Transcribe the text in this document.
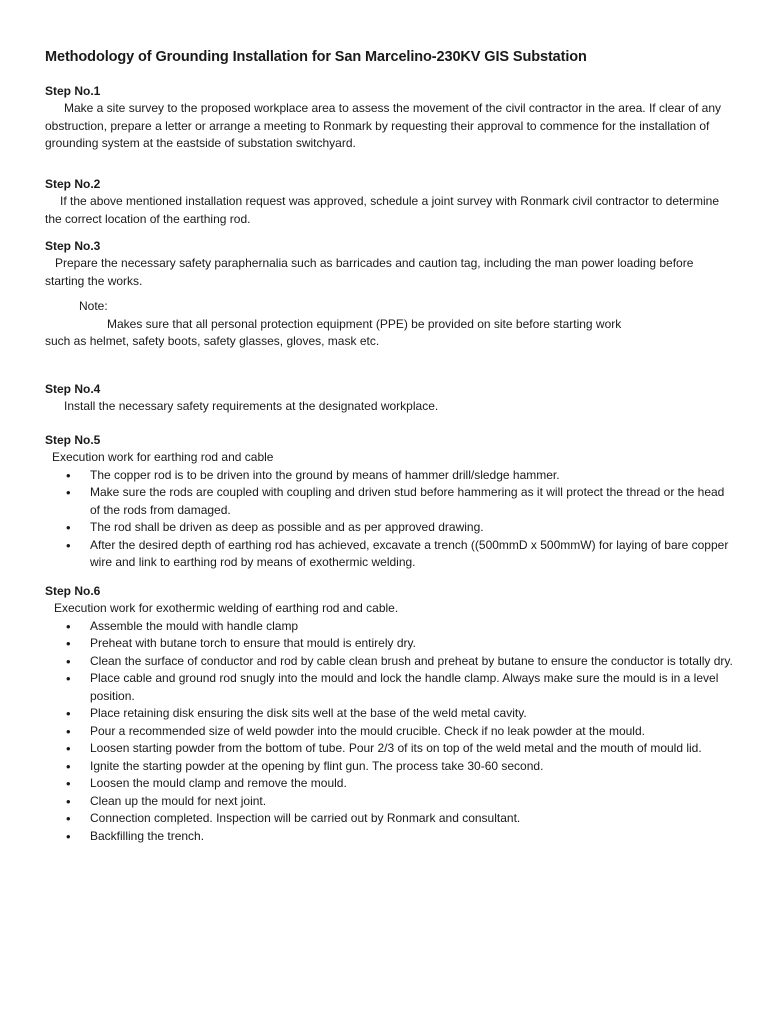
Methodology of Grounding Installation for San Marcelino-230KV GIS Substation
Step No.1

Make a site survey to the proposed workplace area to assess the movement of the civil contractor in the area. If clear of any obstruction, prepare a letter or arrange a meeting to Ronmark by requesting their approval to commence for the installation of grounding system at the eastside of substation switchyard.

Step No.2

If the above mentioned installation request was approved, schedule a joint survey with Ronmark civil contractor to determine the correct location of the earthing rod.

Step No.3

Prepare the necessary safety paraphernalia such as barricades and caution tag, including the man power loading before starting the works.

Note:

Makes sure that all personal protection equipment (PPE) be provided on site before starting work such as helmet, safety boots, safety glasses, gloves, mask etc.

Step No.4

Install the necessary safety requirements at the designated workplace.

Step No.5

Execution work for earthing rod and cable

• The copper rod is to be driven into the ground by means of hammer drill/sledge hammer.
• Make sure the rods are coupled with coupling and driven stud before hammering as it will protect the thread or the head of the rods from damaged.
• The rod shall be driven as deep as possible and as per approved drawing.
• After the desired depth of earthing rod has achieved, excavate a trench ((500mmD x 500mmW) for laying of bare copper wire and link to earthing rod by means of exothermic welding.
Step No.6

Execution work for exothermic welding of earthing rod and cable.

• Assemble the mould with handle clamp
• Preheat with butane torch to ensure that mould is entirely dry.
• Clean the surface of conductor and rod by cable clean brush and preheat by butane to ensure the conductor is totally dry.
• Place cable and ground rod snugly into the mould and lock the handle clamp. Always make sure the mould is in a level position.
• Place retaining disk ensuring the disk sits well at the base of the weld metal cavity.
• Pour a recommended size of weld powder into the mould crucible. Check if no leak powder at the mould.
• Loosen starting powder from the bottom of tube. Pour 2/3 of its on top of the weld metal and the mouth of mould lid.
• Ignite the starting powder at the opening by flint gun. The process take 30-60 second.
• Loosen the mould clamp and remove the mould.
• Clean up the mould for next joint.
• Connection completed. Inspection will be carried out by Ronmark and consultant.
• Backfilling the trench.
